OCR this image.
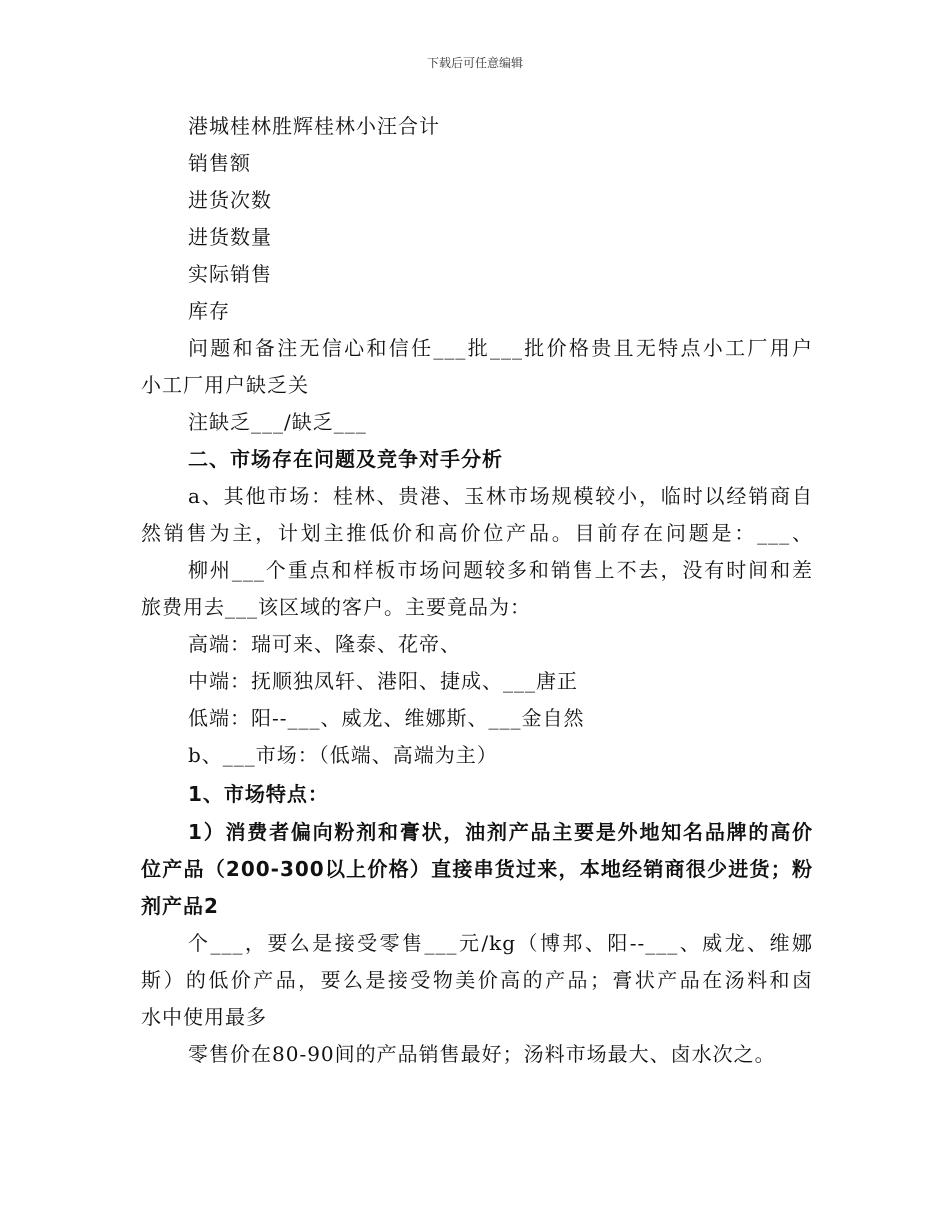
下载后可任意编辑
港城桂林胜辉桂林小汪合计
销售额
进货次数
进货数量
实际销售
库存
问题和备注无信心和信任___批___批价格贵且无特点小工厂用户
小工厂用户缺乏关
注缺乏___/缺乏___
二、市场存在问题及竞争对手分析
a、其他市场：桂林、贵港、玉林市场规模较小，临时以经销商自
然销售为主，计划主推低价和高价位产品。目前存在问题是：___、
柳州___个重点和样板市场问题较多和销售上不去，没有时间和差
旅费用去___该区域的客户。主要竟品为：
高端：瑞可来、隆泰、花帝、
中端：抚顺独凤轩、港阳、捷成、___唐正
低端：阳--___、威龙、维娜斯、___金自然
b、___市场：（低端、高端为主）
1、市场特点：
1）消费者偏向粉剂和膏状，油剂产品主要是外地知名品牌的高价
位产品（200-300以上价格）直接串货过来，本地经销商很少进货；粉
剂产品2
个___，要么是接受零售___元/kg（博邦、阳--___、威龙、维娜
斯）的低价产品，要么是接受物美价高的产品；膏状产品在汤料和卤
水中使用最多
零售价在80-90间的产品销售最好；汤料市场最大、卤水次之。
